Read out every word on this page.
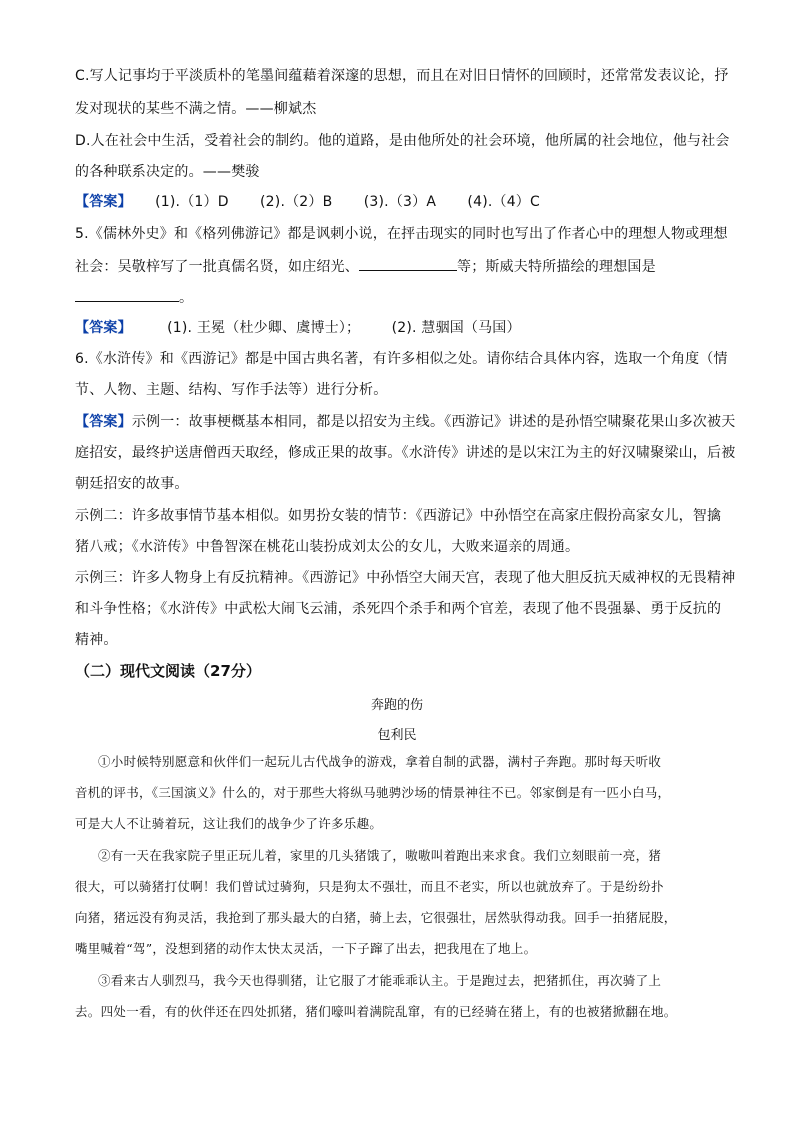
C.写人记事均于平淡质朴的笔墨间蕴藉着深邃的思想，而且在对旧日情怀的回顾时，还常常发表议论，抒
发对现状的某些不满之情。——柳斌杰
D.人在社会中生活，受着社会的制约。他的道路，是由他所处的社会环境，他所属的社会地位，他与社会
的各种联系决定的。——樊骏
【答案】 (1).（1）D (2).（2）B (3).（3）A (4).（4）C
5.《儒林外史》和《格列佛游记》都是讽刺小说，在抨击现实的同时也写出了作者心中的理想人物或理想
社会：吴敬梓写了一批真儒名贤，如庄绍光、	等；斯威夫特所描绘的理想国是
。
【答案】	(1). 王冕（杜少卿、虞博士）； (2). 慧骃国（马国）
6.《水浒传》和《西游记》都是中国古典名著，有许多相似之处。请你结合具体内容，选取一个角度（情
节、人物、主题、结构、写作手法等）进行分析。
【答案】示例一：故事梗概基本相同，都是以招安为主线。《西游记》讲述的是孙悟空啸聚花果山多次被天
庭招安，最终护送唐僧西天取经，修成正果的故事。《水浒传》讲述的是以宋江为主的好汉啸聚梁山，后被
朝廷招安的故事。
示例二：许多故事情节基本相似。如男扮女装的情节：《西游记》中孙悟空在高家庄假扮高家女儿，智擒
猪八戒；《水浒传》中鲁智深在桃花山装扮成刘太公的女儿，大败来逼亲的周通。
示例三：许多人物身上有反抗精神。《西游记》中孙悟空大闹天宫，表现了他大胆反抗天威神权的无畏精神
和斗争性格；《水浒传》中武松大闹飞云浦，杀死四个杀手和两个官差，表现了他不畏强暴、勇于反抗的
精神。
（二）现代文阅读（27分）
奔跑的伤
包利民
①小时候特别愿意和伙伴们一起玩儿古代战争的游戏，拿着自制的武器，满村子奔跑。那时每天听收
音机的评书，《三国演义》什么的，对于那些大将纵马驰骋沙场的情景神往不已。邻家倒是有一匹小白马，
可是大人不让骑着玩，这让我们的战争少了许多乐趣。
②有一天在我家院子里正玩儿着，家里的几头猪饿了，嗷嗷叫着跑出来求食。我们立刻眼前一亮，猪
很大，可以骑猪打仗啊！我们曾试过骑狗，只是狗太不强壮，而且不老实，所以也就放弃了。于是纷纷扑
向猪，猪远没有狗灵活，我抢到了那头最大的白猪，骑上去，它很强壮，居然驮得动我。回手一拍猪屁股，
嘴里喊着“驾”，没想到猪的动作太快太灵活，一下子蹿了出去，把我甩在了地上。
③看来古人驯烈马，我今天也得驯猪，让它服了才能乖乖认主。于是跑过去，把猪抓住，再次骑了上
去。四处一看，有的伙伴还在四处抓猪，猪们嚎叫着满院乱窜，有的已经骑在猪上，有的也被猪掀翻在地。
